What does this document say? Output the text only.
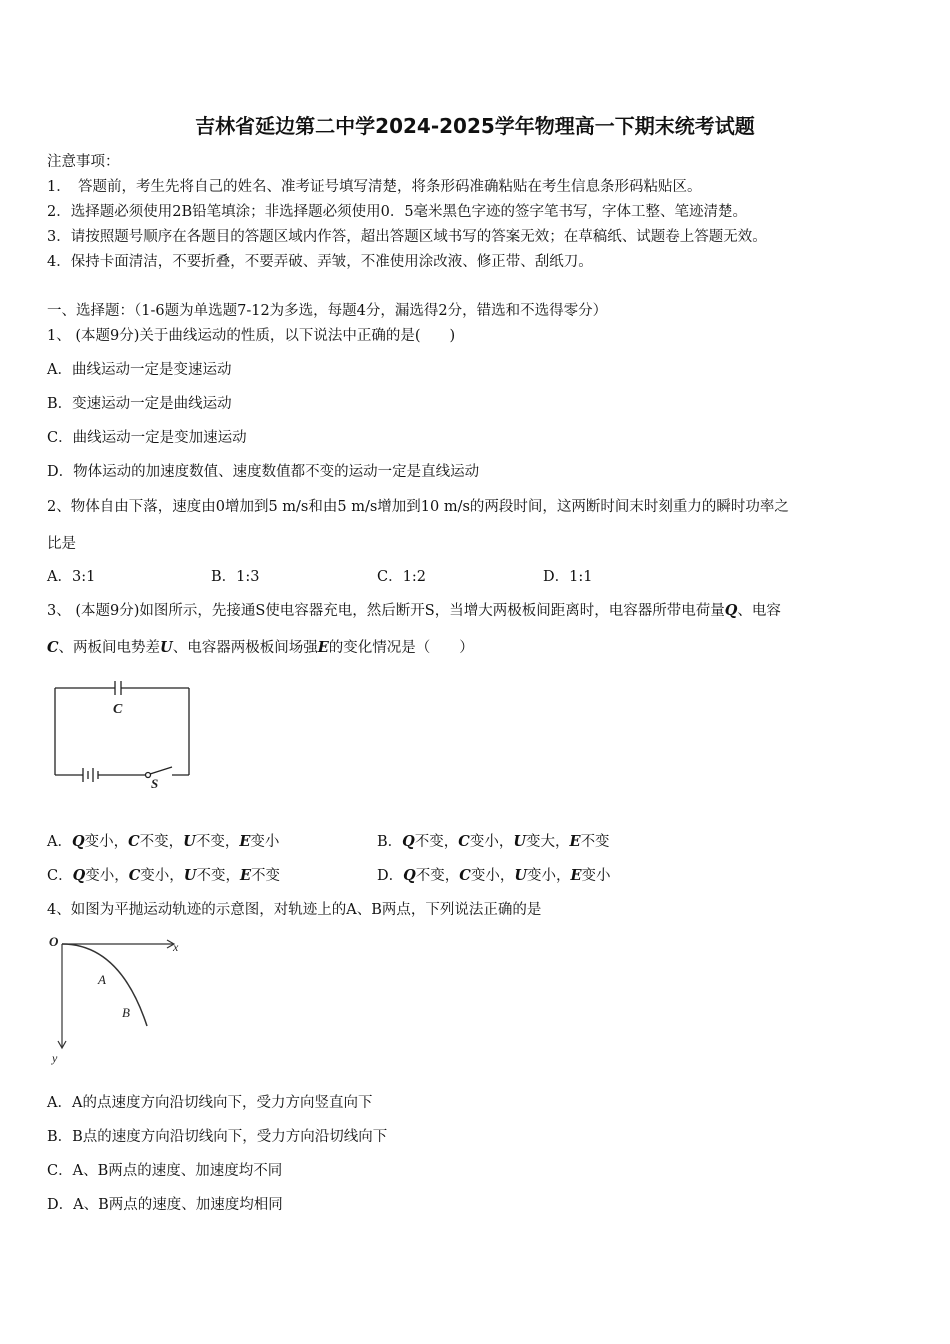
吉林省延边第二中学2024-2025学年物理高一下期末统考试题
注意事项：
1．　答题前，考生先将自己的姓名、准考证号填写清楚，将条形码准确粘贴在考生信息条形码粘贴区。
2．选择题必须使用2B铅笔填涂；非选择题必须使用0．5毫米黑色字迹的签字笔书写，字体工整、笔迹清楚。
3．请按照题号顺序在各题目的答题区域内作答，超出答题区域书写的答案无效；在草稿纸、试题卷上答题无效。
4．保持卡面清洁，不要折叠，不要弄破、弄皱，不准使用涂改液、修正带、刮纸刀。
一、选择题：（1-6题为单选题7-12为多选，每题4分，漏选得2分，错选和不选得零分）
1、 (本题9分)关于曲线运动的性质，以下说法中正确的是(　　)
A．曲线运动一定是变速运动
B．变速运动一定是曲线运动
C．曲线运动一定是变加速运动
D．物体运动的加速度数值、速度数值都不变的运动一定是直线运动
2、物体自由下落，速度由0增加到5 m/s和由5 m/s增加到10 m/s的两段时间，这两断时间末时刻重力的瞬时功率之
比是
A．3:1	B．1:3	C．1:2	D．1:1
3、 (本题9分)如图所示，先接通S使电容器充电，然后断开S，当增大两极板间距离时，电容器所带电荷量Q、电容
C、两板间电势差U、电容器两极板间场强E的变化情况是（　　）
C
S
A．Q变小，C不变，U不变，E变小	B．Q不变，C变小，U变大，E不变
C．Q变小，C变小，U不变，E不变	D．Q不变，C变小，U变小，E变小
4、如图为平抛运动轨迹的示意图，对轨迹上的A、B两点，下列说法正确的是
O	x
y
A
B
A．A的点速度方向沿切线向下，受力方向竖直向下
B．B点的速度方向沿切线向下，受力方向沿切线向下
C．A、B两点的速度、加速度均不同
D．A、B两点的速度、加速度均相同
